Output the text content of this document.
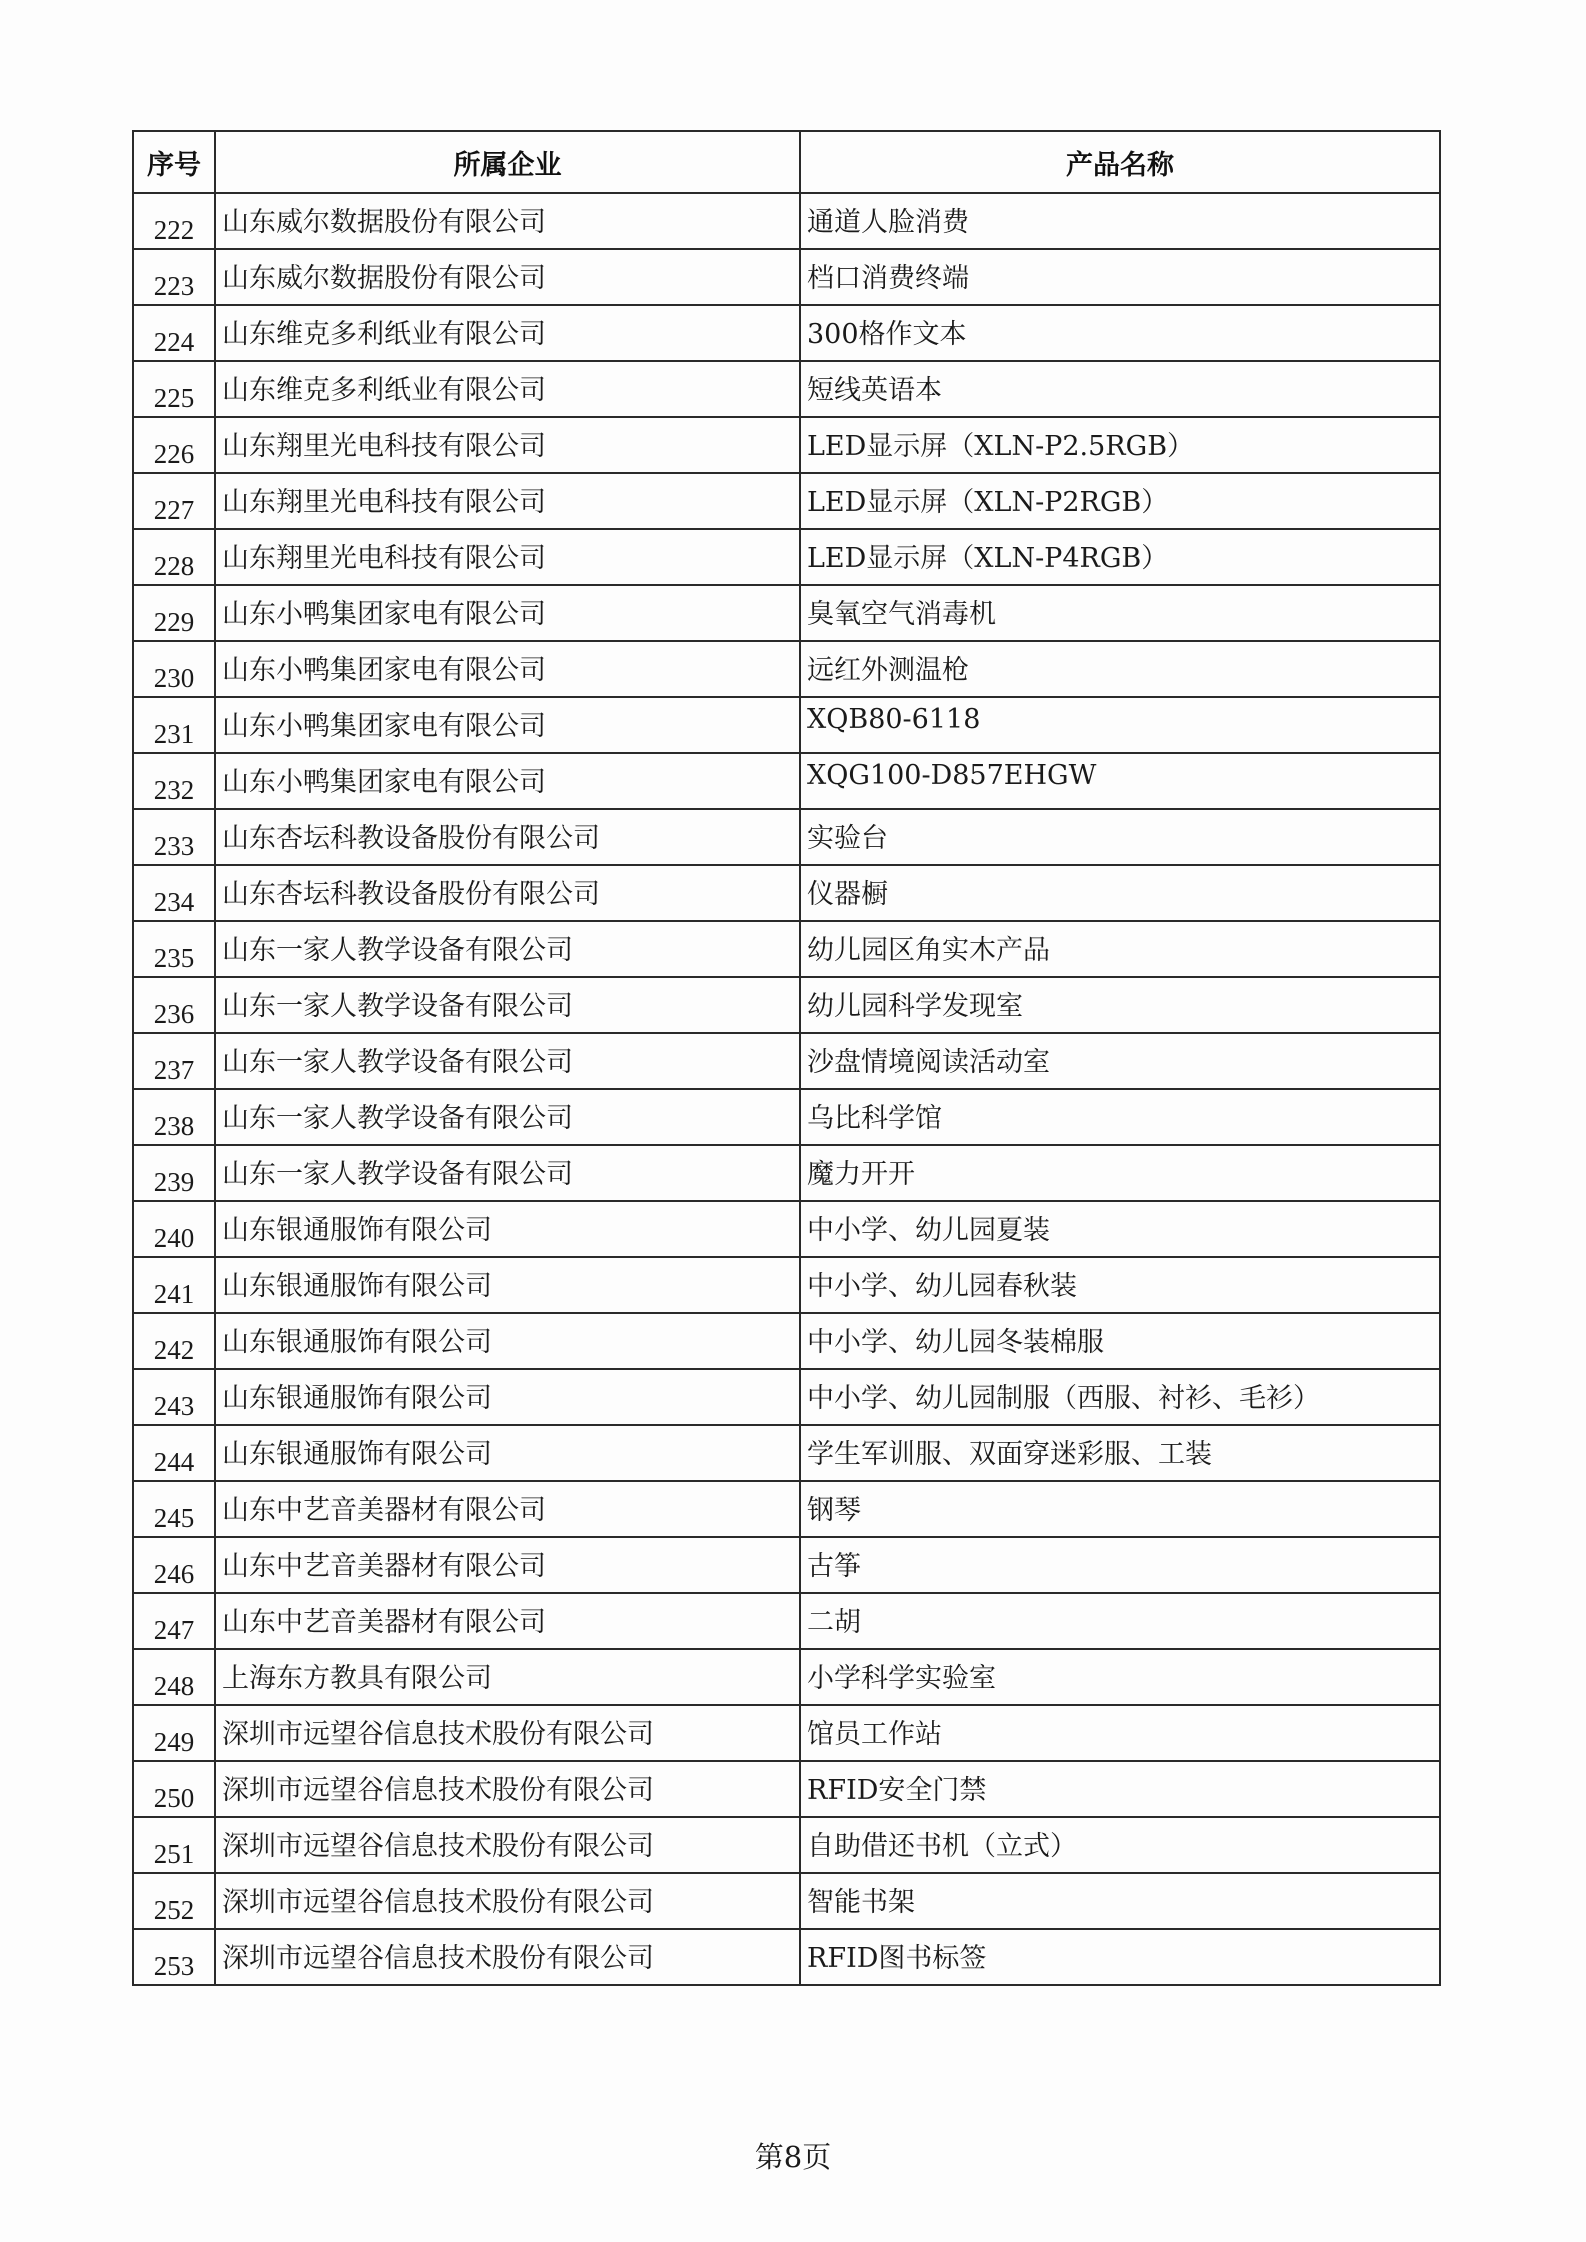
序号	所属企业	产品名称
222	山东威尔数据股份有限公司	通道人脸消费
223	山东威尔数据股份有限公司	档口消费终端
224	山东维克多利纸业有限公司	300格作文本
225	山东维克多利纸业有限公司	短线英语本
226	山东翔里光电科技有限公司	LED显示屏（XLN-P2.5RGB）
227	山东翔里光电科技有限公司	LED显示屏（XLN-P2RGB）
228	山东翔里光电科技有限公司	LED显示屏（XLN-P4RGB）
229	山东小鸭集团家电有限公司	臭氧空气消毒机
230	山东小鸭集团家电有限公司	远红外测温枪
231	山东小鸭集团家电有限公司	XQB80-6118
232	山东小鸭集团家电有限公司	XQG100-D857EHGW
233	山东杏坛科教设备股份有限公司	实验台
234	山东杏坛科教设备股份有限公司	仪器橱
235	山东一家人教学设备有限公司	幼儿园区角实木产品
236	山东一家人教学设备有限公司	幼儿园科学发现室
237	山东一家人教学设备有限公司	沙盘情境阅读活动室
238	山东一家人教学设备有限公司	乌比科学馆
239	山东一家人教学设备有限公司	魔力开开
240	山东银通服饰有限公司	中小学、幼儿园夏装
241	山东银通服饰有限公司	中小学、幼儿园春秋装
242	山东银通服饰有限公司	中小学、幼儿园冬装棉服
243	山东银通服饰有限公司	中小学、幼儿园制服（西服、衬衫、毛衫）
244	山东银通服饰有限公司	学生军训服、双面穿迷彩服、工装
245	山东中艺音美器材有限公司	钢琴
246	山东中艺音美器材有限公司	古筝
247	山东中艺音美器材有限公司	二胡
248	上海东方教具有限公司	小学科学实验室
249	深圳市远望谷信息技术股份有限公司	馆员工作站
250	深圳市远望谷信息技术股份有限公司	RFID安全门禁
251	深圳市远望谷信息技术股份有限公司	自助借还书机（立式）
252	深圳市远望谷信息技术股份有限公司	智能书架
253	深圳市远望谷信息技术股份有限公司	RFID图书标签
第8页
